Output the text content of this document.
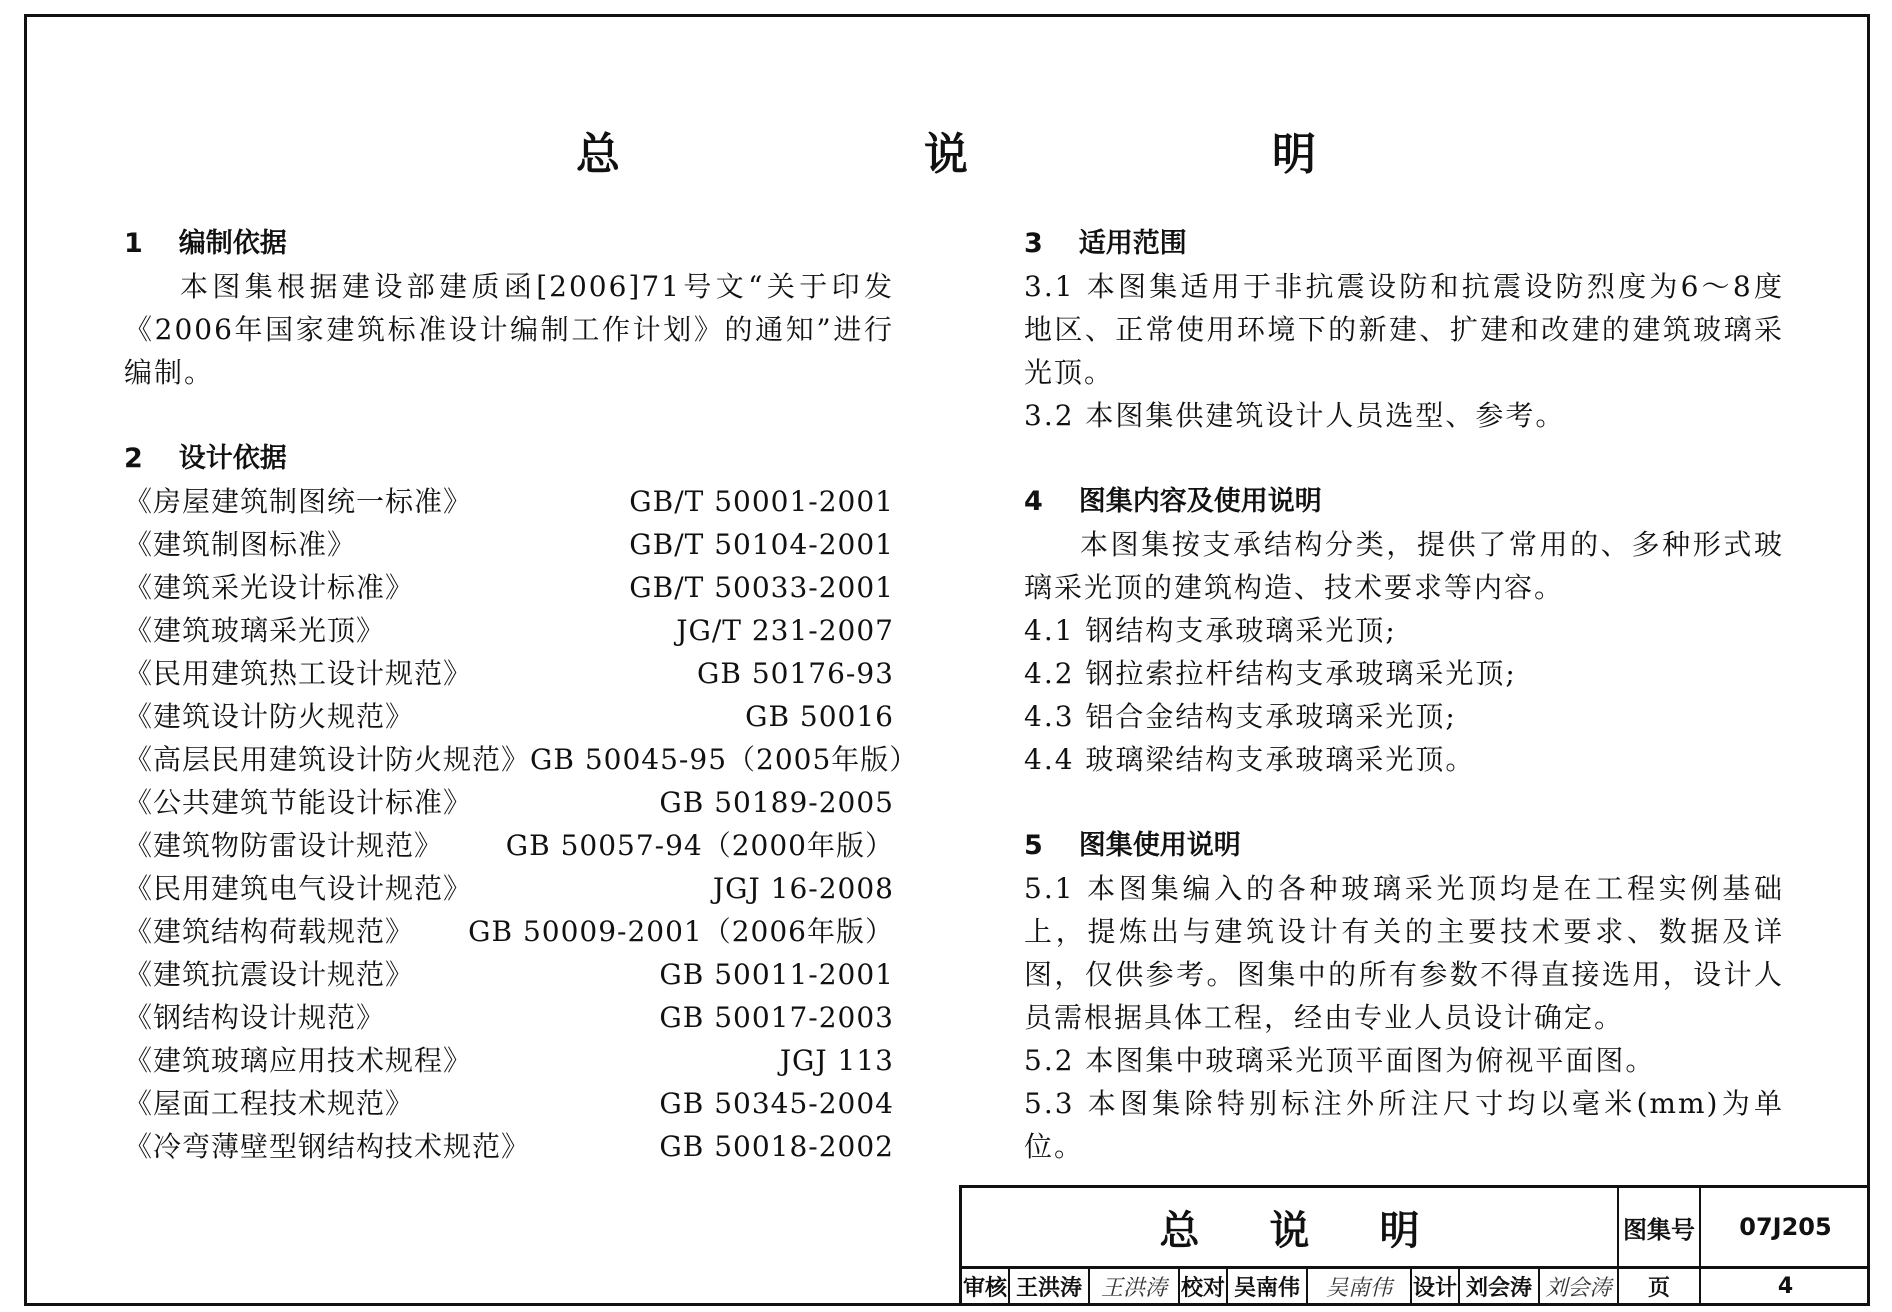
总　说　明
1 编制依据
本图集根据建设部建质函[2006]71号文“关于印发《2006年国家建筑标准设计编制工作计划》的通知”进行编制。
2 设计依据
《房屋建筑制图统一标准》	GB/T 50001-2001
《建筑制图标准》	GB/T 50104-2001
《建筑采光设计标准》	GB/T 50033-2001
《建筑玻璃采光顶》	JG/T 231-2007
《民用建筑热工设计规范》	GB 50176-93
《建筑设计防火规范》	GB 50016
《高层民用建筑设计防火规范》 GB 50045-95（2005年版）
《公共建筑节能设计标准》	GB 50189-2005
《建筑物防雷设计规范》 GB 50057-94（2000年版）
《民用建筑电气设计规范》	JGJ 16-2008
《建筑结构荷载规范》 GB 50009-2001（2006年版）
《建筑抗震设计规范》	GB 50011-2001
《钢结构设计规范》	GB 50017-2003
《建筑玻璃应用技术规程》	JGJ 113
《屋面工程技术规范》	GB 50345-2004
《冷弯薄壁型钢结构技术规范》	GB 50018-2002
3 适用范围
3.1 本图集适用于非抗震设防和抗震设防烈度为6～8度地区、正常使用环境下的新建、扩建和改建的建筑玻璃采光顶。
3.2 本图集供建筑设计人员选型、参考。
4 图集内容及使用说明
本图集按支承结构分类，提供了常用的、多种形式玻璃采光顶的建筑构造、技术要求等内容。
4.1 钢结构支承玻璃采光顶;
4.2 钢拉索拉杆结构支承玻璃采光顶;
4.3 铝合金结构支承玻璃采光顶;
4.4 玻璃梁结构支承玻璃采光顶。
5 图集使用说明
5.1 本图集编入的各种玻璃采光顶均是在工程实例基础上，提炼出与建筑设计有关的主要技术要求、数据及详图，仅供参考。图集中的所有参数不得直接选用，设计人员需根据具体工程，经由专业人员设计确定。
5.2 本图集中玻璃采光顶平面图为俯视平面图。
5.3 本图集除特别标注外所注尺寸均以毫米(mm)为单位。
总说明	图集号	07J205
审核 王洪涛 王洪涛 校对 吴南伟	吴南伟 设计 刘会涛 刘会涛	页	4
